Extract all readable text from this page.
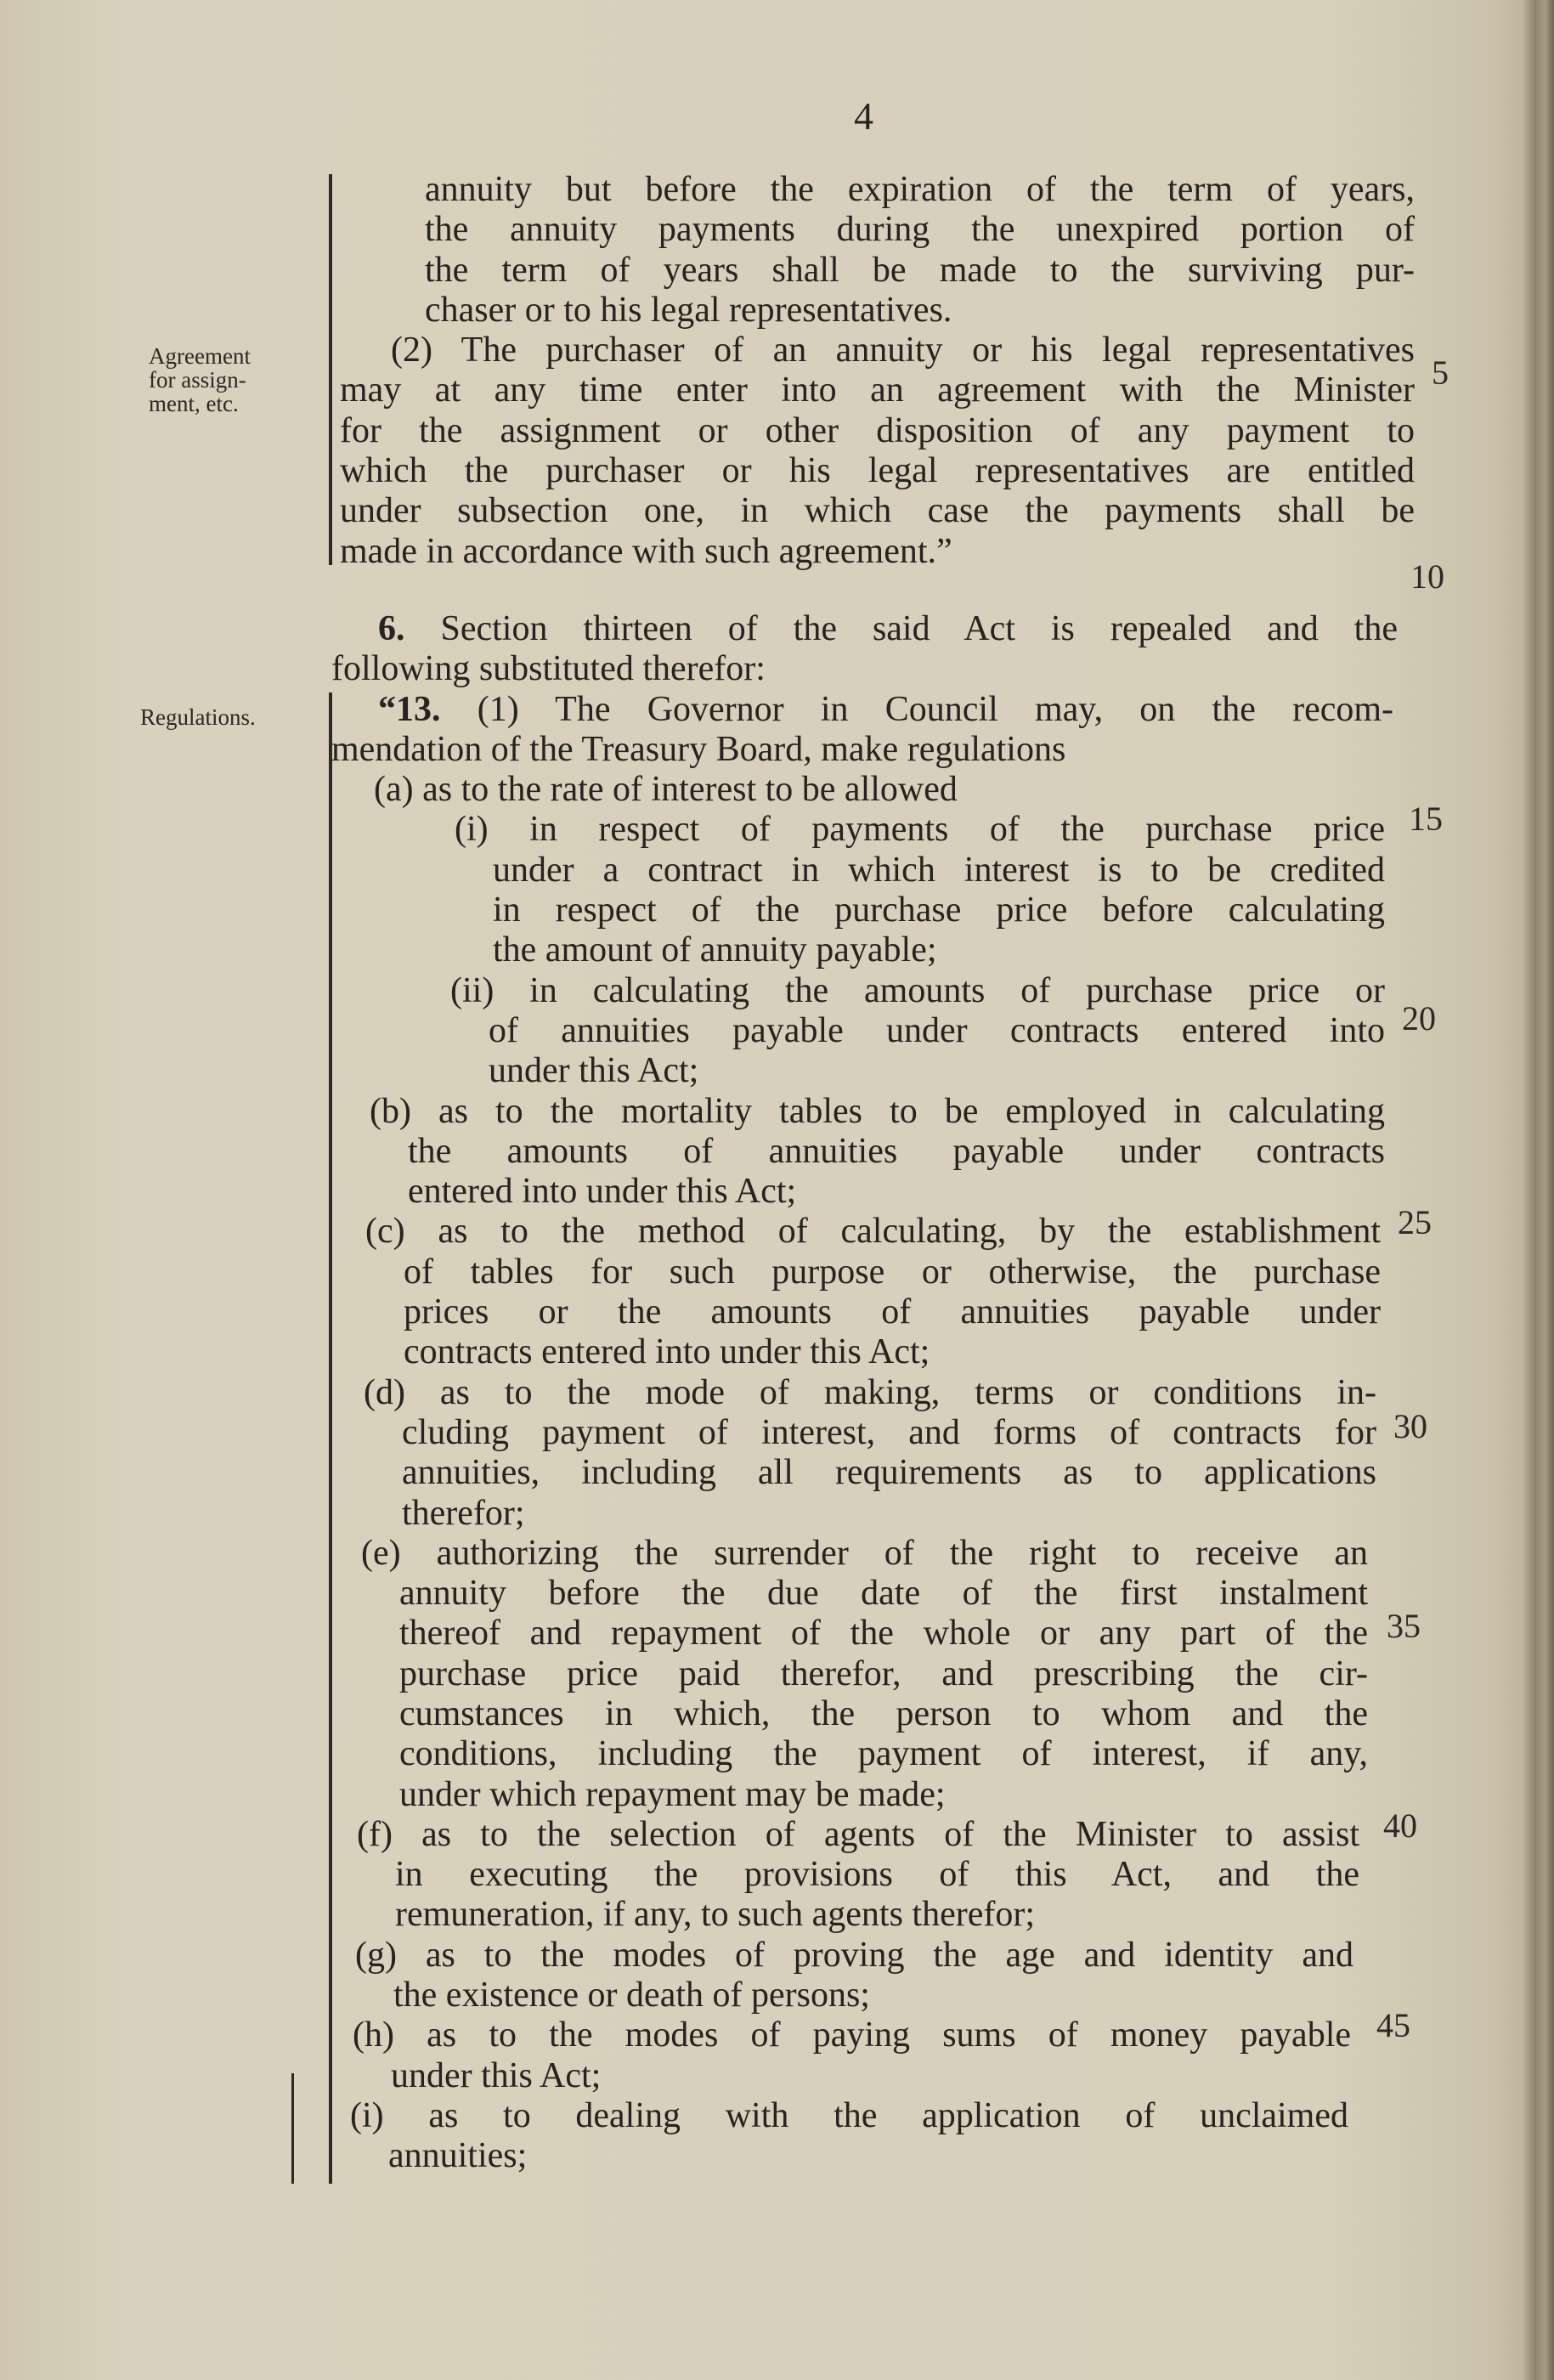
4
Agreement
for assign-
ment, etc.
Regulations.
5
10
15
20
25
30
35
40
45
annuity but before the expiration of the term of years,
the annuity payments during the unexpired portion of
the term of years shall be made to the surviving pur-
chaser or to his legal representatives.
(2) The purchaser of an annuity or his legal representatives
may at any time enter into an agreement with the Minister
for the assignment or other disposition of any payment to
which the purchaser or his legal representatives are entitled
under subsection one, in which case the payments shall be
made in accordance with such agreement.”
6. Section thirteen of the said Act is repealed and the
following substituted therefor:
“13. (1) The Governor in Council may, on the recom-
mendation of the Treasury Board, make regulations
(a) as to the rate of interest to be allowed
(i) in respect of payments of the purchase price
under a contract in which interest is to be credited
in respect of the purchase price before calculating
the amount of annuity payable;
(ii) in calculating the amounts of purchase price or
of annuities payable under contracts entered into
under this Act;
(b) as to the mortality tables to be employed in calculating
the amounts of annuities payable under contracts
entered into under this Act;
(c) as to the method of calculating, by the establishment
of tables for such purpose or otherwise, the purchase
prices or the amounts of annuities payable under
contracts entered into under this Act;
(d) as to the mode of making, terms or conditions in-
cluding payment of interest, and forms of contracts for
annuities, including all requirements as to applications
therefor;
(e) authorizing the surrender of the right to receive an
annuity before the due date of the first instalment
thereof and repayment of the whole or any part of the
purchase price paid therefor, and prescribing the cir-
cumstances in which, the person to whom and the
conditions, including the payment of interest, if any,
under which repayment may be made;
(f) as to the selection of agents of the Minister to assist
in executing the provisions of this Act, and the
remuneration, if any, to such agents therefor;
(g) as to the modes of proving the age and identity and
the existence or death of persons;
(h) as to the modes of paying sums of money payable
under this Act;
(i) as to dealing with the application of unclaimed
annuities;
